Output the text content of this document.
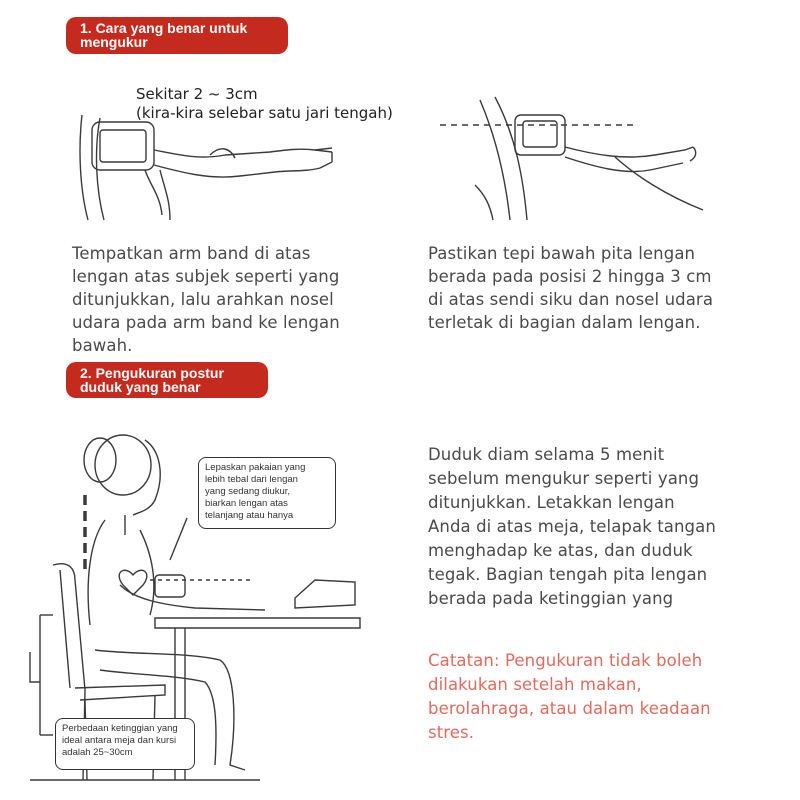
1. Cara yang benar untuk
mengukur
Sekitar 2 ~ 3cm
(kira-kira selebar satu jari tengah)
Tempatkan arm band di atas
lengan atas subjek seperti yang
ditunjukkan, lalu arahkan nosel
udara pada arm band ke lengan
bawah.
Pastikan tepi bawah pita lengan
berada pada posisi 2 hingga 3 cm
di atas sendi siku dan nosel udara
terletak di bagian dalam lengan.
2. Pengukuran postur
duduk yang benar
Lepaskan pakaian yang
lebih tebal dari lengan
yang sedang diukur,
biarkan lengan atas
telanjang atau hanya
Perbedaan ketinggian yang
ideal antara meja dan kursi
adalah 25~30cm
Duduk diam selama 5 menit
sebelum mengukur seperti yang
ditunjukkan. Letakkan lengan
Anda di atas meja, telapak tangan
menghadap ke atas, dan duduk
tegak. Bagian tengah pita lengan
berada pada ketinggian yang
Catatan: Pengukuran tidak boleh
dilakukan setelah makan,
berolahraga, atau dalam keadaan
stres.
